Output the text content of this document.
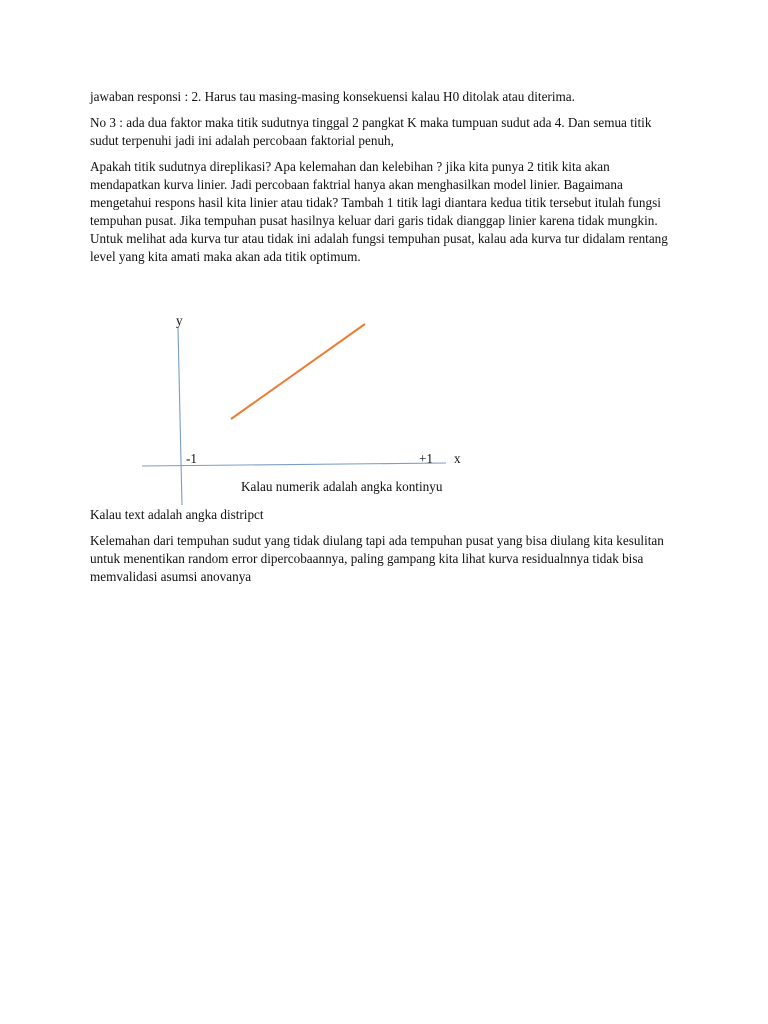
jawaban responsi : 2. Harus tau masing-masing konsekuensi kalau H0 ditolak atau diterima.

No 3 : ada dua faktor maka titik sudutnya tinggal 2 pangkat K maka tumpuan sudut ada 4. Dan semua titik sudut terpenuhi jadi ini adalah percobaan faktorial penuh,

Apakah titik sudutnya direplikasi? Apa kelemahan dan kelebihan ? jika kita punya 2 titik kita akan mendapatkan kurva linier. Jadi percobaan faktrial hanya akan menghasilkan model linier. Bagaimana mengetahui respons hasil kita linier atau tidak? Tambah 1 titik lagi diantara kedua titik tersebut itulah fungsi tempuhan pusat. Jika tempuhan pusat hasilnya keluar dari garis tidak dianggap linier karena tidak mungkin. Untuk melihat ada kurva tur atau tidak ini adalah fungsi tempuhan pusat, kalau ada kurva tur didalam rentang level yang kita amati maka akan ada titik optimum.

y
-1	+1 x
Kalau numerik adalah angka kontinyu

Kalau text adalah angka distripct

Kelemahan dari tempuhan sudut yang tidak diulang tapi ada tempuhan pusat yang bisa diulang kita kesulitan untuk menentikan random error dipercobaannya, paling gampang kita lihat kurva residualnnya tidak bisa memvalidasi asumsi anovanya
